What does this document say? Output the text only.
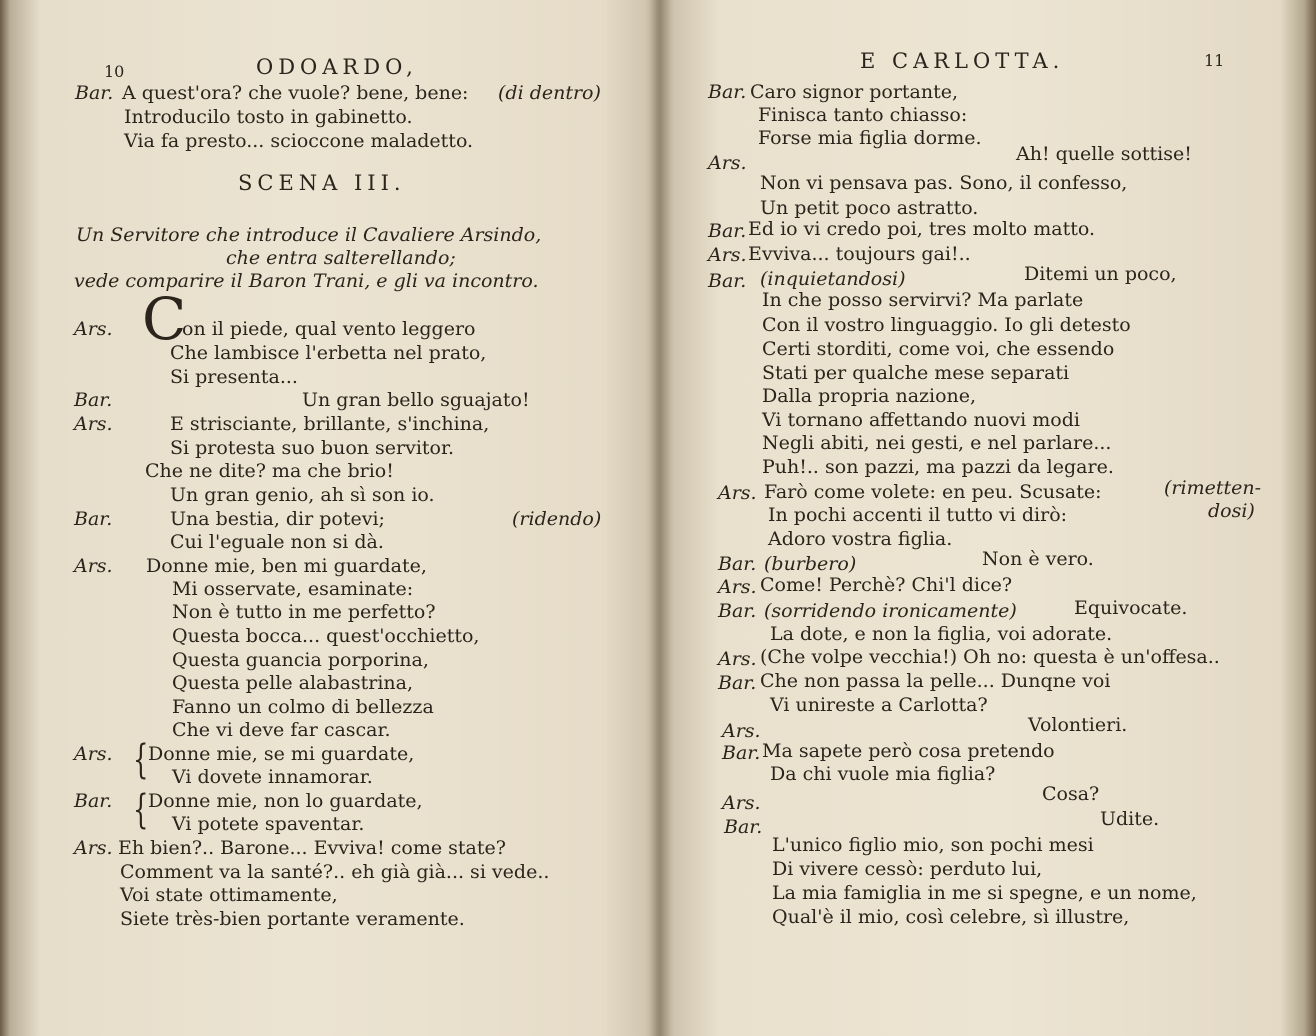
10	ODOARDO,
Bar. A quest'ora? che vuole? bene, bene: (di dentro)
Introducilo tosto in gabinetto.
Via fa presto... scioccone maladetto.
SCENA III.
Un Servitore che introduce il Cavaliere Arsindo,
che entra salterellando;
vede comparire il Baron Trani, e gli va incontro.
Ars. C
on il piede, qual vento leggero
Che lambisce l'erbetta nel prato,
Si presenta...
Bar.	Un gran bello sguajato!
Ars.	E strisciante, brillante, s'inchina,
Si protesta suo buon servitor.
Che ne dite? ma che brio!
Un gran genio, ah sì son io.
Bar.	Una bestia, dir potevi;	(ridendo)
Cui l'eguale non si dà.
Ars. Donne mie, ben mi guardate,
Mi osservate, esaminate:
Non è tutto in me perfetto?
Questa bocca... quest'occhietto,
Questa guancia porporina,
Questa pelle alabastrina,
Fanno un colmo di bellezza
Che vi deve far cascar.
{
{
Ars. Donne mie, se mi guardate,
Vi dovete innamorar.
Bar. Donne mie, non lo guardate,
Vi potete spaventar.
Ars. Eh bien?.. Barone... Evviva! come state?
Comment va la santé?.. eh già già... si vede..
Voi state ottimamente,
Siete très-bien portante veramente.
E CARLOTTA.	11
Bar. Caro signor portante,
Finisca tanto chiasso:
Forse mia figlia dorme.
Ars.	Ah! quelle sottise!
Non vi pensava pas. Sono, il confesso,
Un petit poco astratto.
Bar. Ed io vi credo poi, tres molto matto.
Ars. Evviva... toujours gai!..
Bar. (inquietandosi)	Ditemi un poco,
In che posso servirvi? Ma parlate
Con il vostro linguaggio. Io gli detesto
Certi storditi, come voi, che essendo
Stati per qualche mese separati
Dalla propria nazione,
Vi tornano affettando nuovi modi
Negli abiti, nei gesti, e nel parlare...
Puh!.. son pazzi, ma pazzi da legare.
Ars. Farò come volete: en peu. Scusate:	(rimetten-
In pochi accenti il tutto vi dirò:	dosi)
Adoro vostra figlia.
Bar. (burbero)	Non è vero.
Ars. Come! Perchè? Chi'l dice?
Bar. (sorridendo ironicamente)	Equivocate.
La dote, e non la figlia, voi adorate.
Ars. (Che volpe vecchia!) Oh no: questa è un'offesa..
Bar. Che non passa la pelle... Dunqne voi
Vi unireste a Carlotta?
Ars.	Volontieri.
Bar. Ma sapete però cosa pretendo
Da chi vuole mia figlia?
Ars.	Cosa?
Bar.	Udite.
L'unico figlio mio, son pochi mesi
Di vivere cessò: perduto lui,
La mia famiglia in me si spegne, e un nome,
Qual'è il mio, così celebre, sì illustre,
